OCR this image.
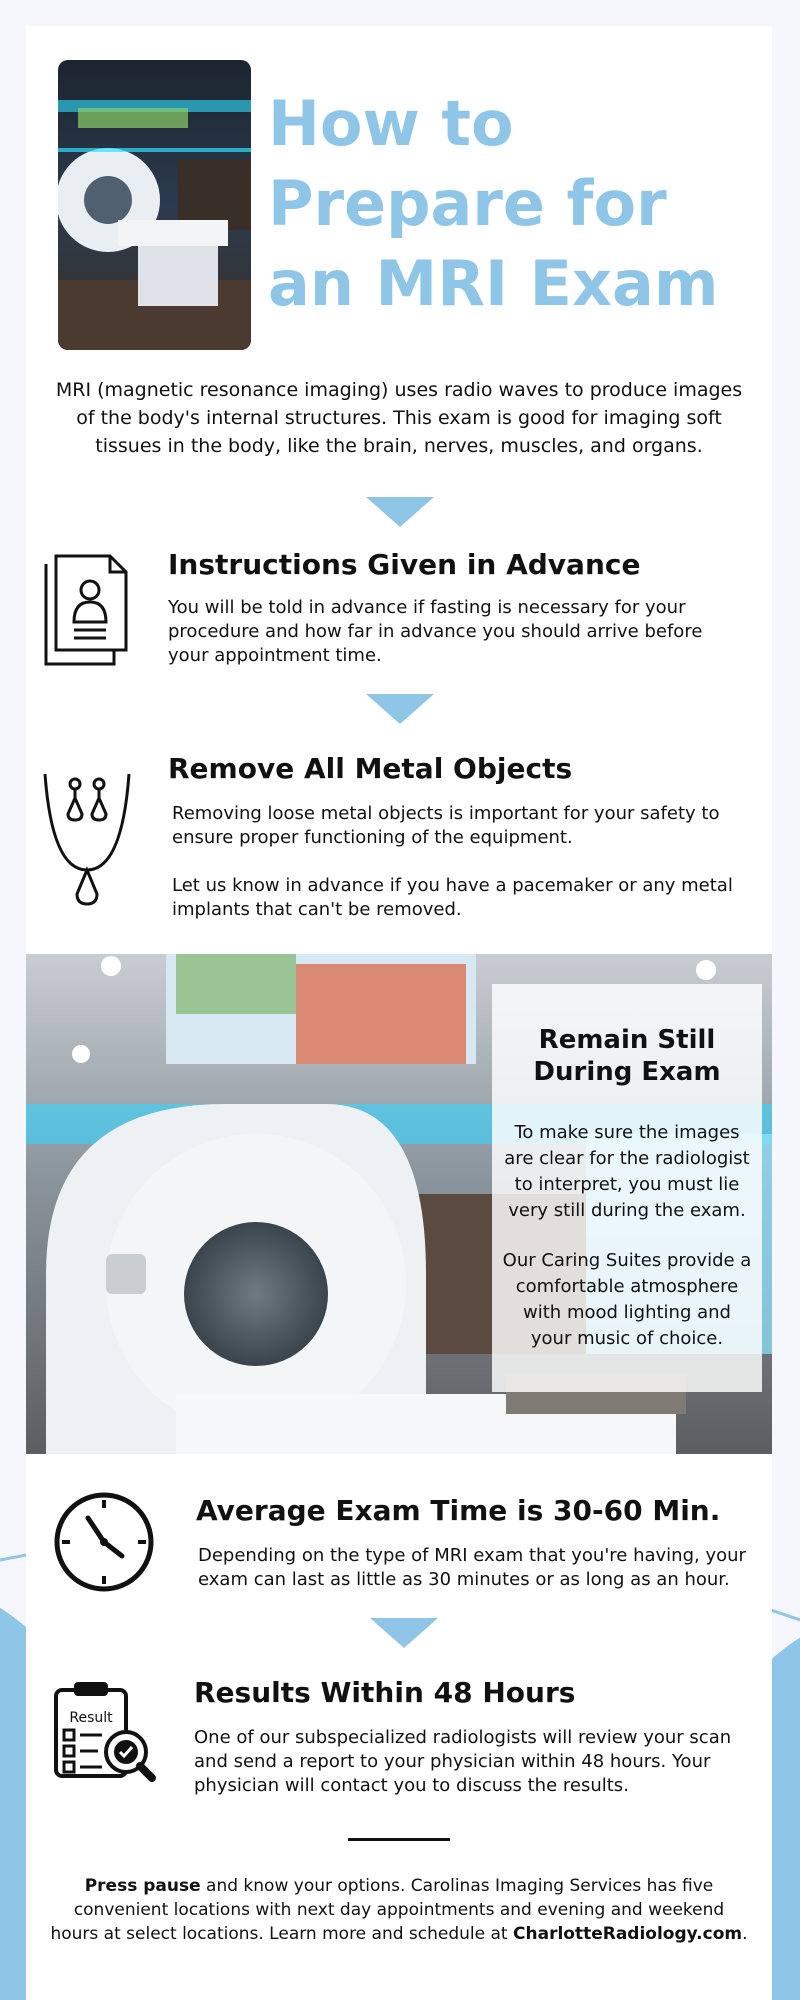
How to Prepare for an MRI Exam

MRI (magnetic resonance imaging) uses radio waves to produce images of the body's internal structures. This exam is good for imaging soft tissues in the body, like the brain, nerves, muscles, and organs.

Instructions Given in Advance

You will be told in advance if fasting is necessary for your procedure and how far in advance you should arrive before your appointment time.

Remove All Metal Objects

Removing loose metal objects is important for your safety to ensure proper functioning of the equipment.

Let us know in advance if you have a pacemaker or any metal implants that can't be removed.

Remain Still During Exam

To make sure the images are clear for the radiologist to interpret, you must lie very still during the exam.

Our Caring Suites provide a comfortable atmosphere with mood lighting and your music of choice.

Average Exam Time is 30-60 Min.

Depending on the type of MRI exam that you're having, your exam can last as little as 30 minutes or as long as an hour.

Result
Results Within 48 Hours

One of our subspecialized radiologists will review your scan and send a report to your physician within 48 hours. Your physician will contact you to discuss the results.

Press pause and know your options. Carolinas Imaging Services has five convenient locations with next day appointments and evening and weekend hours at select locations. Learn more and schedule at CharlotteRadiology.com.
